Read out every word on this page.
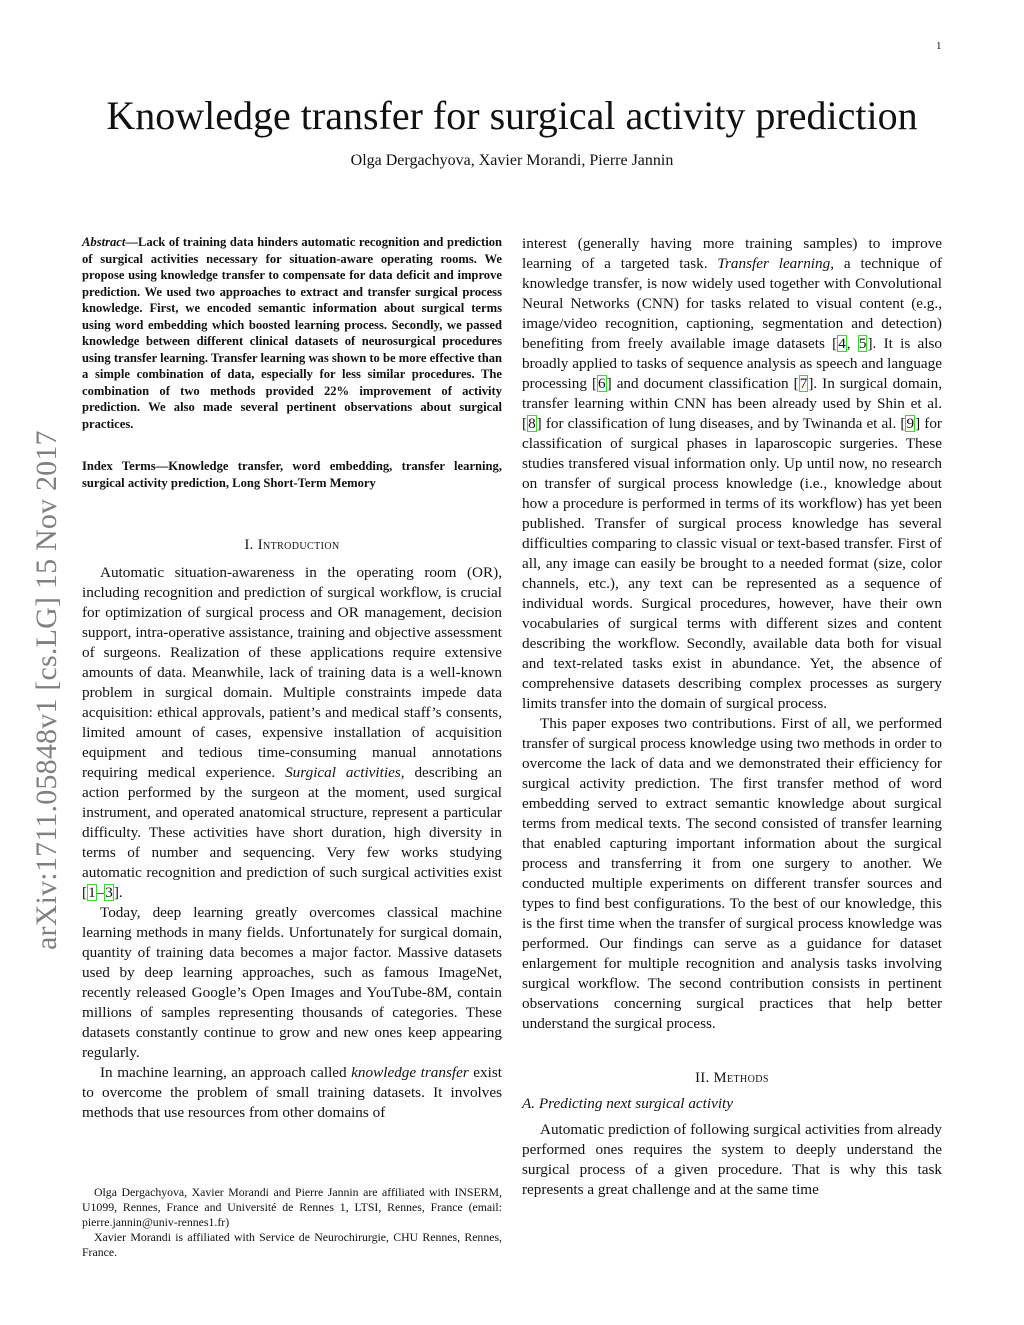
1
arXiv:1711.05848v1 [cs.LG] 15 Nov 2017
Knowledge transfer for surgical activity prediction
Olga Dergachyova, Xavier Morandi, Pierre Jannin

Abstract—Lack of training data hinders automatic recognition and prediction of surgical activities necessary for situation-aware operating rooms. We propose using knowledge transfer to compensate for data deficit and improve prediction. We used two approaches to extract and transfer surgical process knowledge. First, we encoded semantic information about surgical terms using word embedding which boosted learning process. Secondly, we passed knowledge between different clinical datasets of neurosurgical procedures using transfer learning. Transfer learning was shown to be more effective than a simple combination of data, especially for less similar procedures. The combination of two methods provided 22% improvement of activity prediction. We also made several pertinent observations about surgical practices.

Index Terms—Knowledge transfer, word embedding, transfer learning, surgical activity prediction, Long Short-Term Memory

I. Introduction

Automatic situation-awareness in the operating room (OR), including recognition and prediction of surgical workflow, is crucial for optimization of surgical process and OR management, decision support, intra-operative assistance, training and objective assessment of surgeons. Realization of these applications require extensive amounts of data. Meanwhile, lack of training data is a well-known problem in surgical domain. Multiple constraints impede data acquisition: ethical approvals, patient’s and medical staff’s consents, limited amount of cases, expensive installation of acquisition equipment and tedious time-consuming manual annotations requiring medical experience. Surgical activities, describing an action performed by the surgeon at the moment, used surgical instrument, and operated anatomical structure, represent a particular difficulty. These activities have short duration, high diversity in terms of number and sequencing. Very few works studying automatic recognition and prediction of such surgical activities exist [1–3].

Today, deep learning greatly overcomes classical machine learning methods in many fields. Unfortunately for surgical domain, quantity of training data becomes a major factor. Massive datasets used by deep learning approaches, such as famous ImageNet, recently released Google’s Open Images and YouTube-8M, contain millions of samples representing thousands of categories. These datasets constantly continue to grow and new ones keep appearing regularly.

In machine learning, an approach called knowledge transfer exist to overcome the problem of small training datasets. It involves methods that use resources from other domains of

Olga Dergachyova, Xavier Morandi and Pierre Jannin are affiliated with INSERM, U1099, Rennes, France and Université de Rennes 1, LTSI, Rennes, France (email: pierre.jannin@univ-rennes1.fr)

Xavier Morandi is affiliated with Service de Neurochirurgie, CHU Rennes, Rennes, France.

interest (generally having more training samples) to improve learning of a targeted task. Transfer learning, a technique of knowledge transfer, is now widely used together with Convolutional Neural Networks (CNN) for tasks related to visual content (e.g., image/video recognition, captioning, segmentation and detection) benefiting from freely available image datasets [4, 5]. It is also broadly applied to tasks of sequence analysis as speech and language processing [6] and document classification [7]. In surgical domain, transfer learning within CNN has been already used by Shin et al. [8] for classification of lung diseases, and by Twinanda et al. [9] for classification of surgical phases in laparoscopic surgeries. These studies transfered visual information only. Up until now, no research on transfer of surgical process knowledge (i.e., knowledge about how a procedure is performed in terms of its workflow) has yet been published. Transfer of surgical process knowledge has several difficulties comparing to classic visual or text-based transfer. First of all, any image can easily be brought to a needed format (size, color channels, etc.), any text can be represented as a sequence of individual words. Surgical procedures, however, have their own vocabularies of surgical terms with different sizes and content describing the workflow. Secondly, available data both for visual and text-related tasks exist in abundance. Yet, the absence of comprehensive datasets describing complex processes as surgery limits transfer into the domain of surgical process.

This paper exposes two contributions. First of all, we performed transfer of surgical process knowledge using two methods in order to overcome the lack of data and we demonstrated their efficiency for surgical activity prediction. The first transfer method of word embedding served to extract semantic knowledge about surgical terms from medical texts. The second consisted of transfer learning that enabled capturing important information about the surgical process and transferring it from one surgery to another. We conducted multiple experiments on different transfer sources and types to find best configurations. To the best of our knowledge, this is the first time when the transfer of surgical process knowledge was performed. Our findings can serve as a guidance for dataset enlargement for multiple recognition and analysis tasks involving surgical workflow. The second contribution consists in pertinent observations concerning surgical practices that help better understand the surgical process.

II. Methods
A. Predicting next surgical activity

Automatic prediction of following surgical activities from already performed ones requires the system to deeply understand the surgical process of a given procedure. That is why this task represents a great challenge and at the same time
